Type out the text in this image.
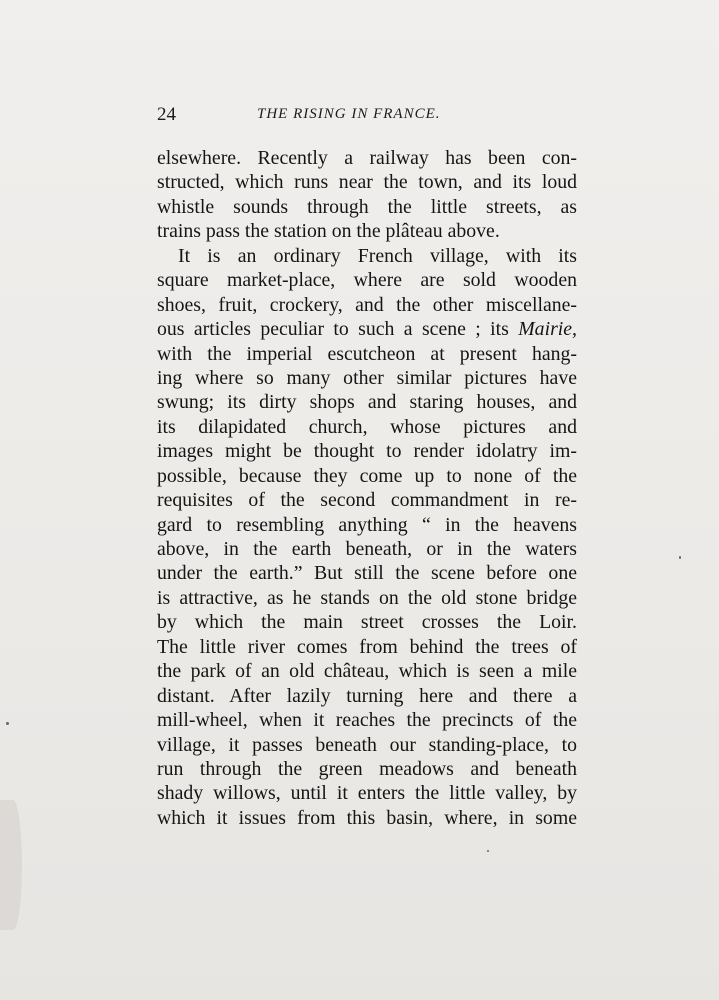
24	THE RISING IN FRANCE.
elsewhere. Recently a railway has been con-
structed, which runs near the town, and its loud
whistle sounds through the little streets, as
trains pass the station on the plâteau above.
It is an ordinary French village, with its
square market-place, where are sold wooden
shoes, fruit, crockery, and the other miscellane-
ous articles peculiar to such a scene ; its Mairie,
with the imperial escutcheon at present hang-
ing where so many other similar pictures have
swung; its dirty shops and staring houses, and
its dilapidated church, whose pictures and
images might be thought to render idolatry im-
possible, because they come up to none of the
requisites of the second commandment in re-
gard to resembling anything “ in the heavens
above, in the earth beneath, or in the waters
under the earth.” But still the scene before one
is attractive, as he stands on the old stone bridge
by which the main street crosses the Loir.
The little river comes from behind the trees of
the park of an old château, which is seen a mile
distant. After lazily turning here and there a
mill-wheel, when it reaches the precincts of the
village, it passes beneath our standing-place, to
run through the green meadows and beneath
shady willows, until it enters the little valley, by
which it issues from this basin, where, in some
